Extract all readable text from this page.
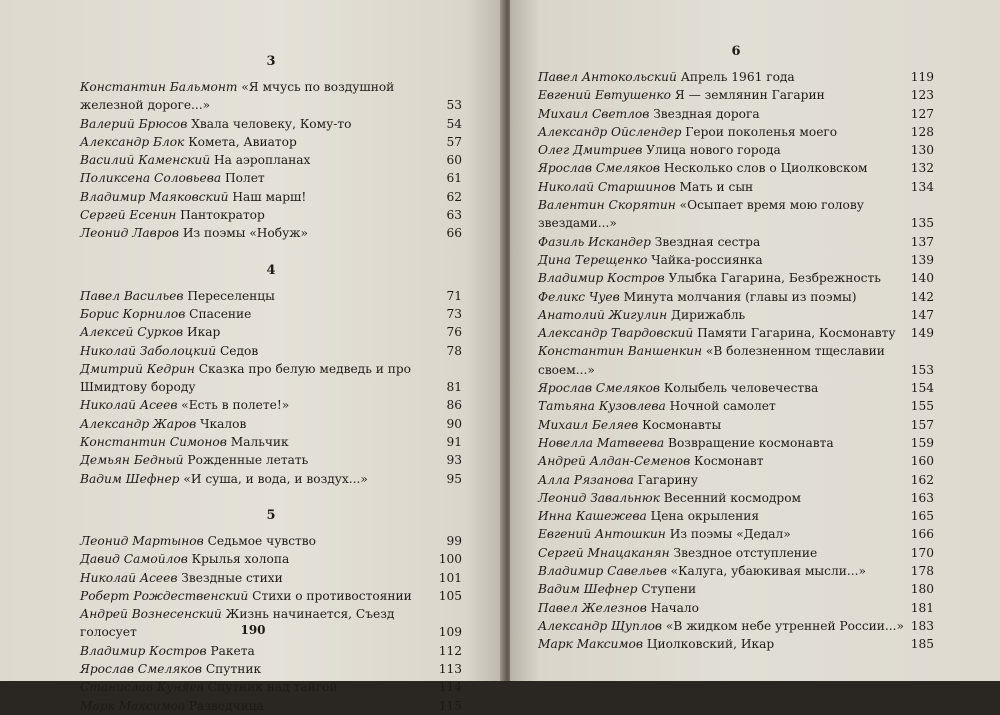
3
Константин Бальмонт «Я мчусь по воздушной железной дороге...»	53
Валерий Брюсов Хвала человеку, Кому-то	54
Александр Блок Комета, Авиатор	57
Василий Каменский На аэропланах	60
Поликсена Соловьева Полет	61
Владимир Маяковский Наш марш!	62
Сергей Есенин Пантократор	63
Леонид Лавров Из поэмы «Нобуж»	66
4
Павел Васильев Переселенцы	71
Борис Корнилов Спасение	73
Алексей Сурков Икар	76
Николай Заболоцкий Седов	78
Дмитрий Кедрин Сказка про белую медведь и про Шмидтову бороду	81
Николай Асеев «Есть в полете!»	86
Александр Жаров Чкалов	90
Константин Симонов Мальчик	91
Демьян Бедный Рожденные летать	93
Вадим Шефнер «И суша, и вода, и воздух...»	95
5
Леонид Мартынов Седьмое чувство	99
Давид Самойлов Крылья холопа	100
Николай Асеев Звездные стихи	101
Роберт Рождественский Стихи о противостоянии	105
Андрей Вознесенский Жизнь начинается, Съезд голосует	109
Владимир Костров Ракета	112
Ярослав Смеляков Спутник	113
Станислав Куняев Спутник над тайгой	114
Марк Максимов Разведчица	115
190
6
Павел Антокольский Апрель 1961 года	119
Евгений Евтушенко Я — землянин Гагарин	123
Михаил Светлов Звездная дорога	127
Александр Ойслендер Герои поколенья моего	128
Олег Дмитриев Улица нового города	130
Ярослав Смеляков Несколько слов о Циолковском	132
Николай Старшинов Мать и сын	134
Валентин Скорятин «Осыпает время мою голову звездами...»	135
Фазиль Искандер Звездная сестра	137
Дина Терещенко Чайка-россиянка	139
Владимир Костров Улыбка Гагарина, Безбрежность	140
Феликс Чуев Минута молчания (главы из поэмы)	142
Анатолий Жигулин Дирижабль	147
Александр Твардовский Памяти Гагарина, Космонавту	149
Константин Ваншенкин «В болезненном тщеславии своем...»	153
Ярослав Смеляков Колыбель человечества	154
Татьяна Кузовлева Ночной самолет	155
Михаил Беляев Космонавты	157
Новелла Матвеева Возвращение космонавта	159
Андрей Алдан-Семенов Космонавт	160
Алла Рязанова Гагарину	162
Леонид Завальнюк Весенний космодром	163
Инна Кашежева Цена окрыления	165
Евгений Антошкин Из поэмы «Дедал»	166
Сергей Мнацаканян Звездное отступление	170
Владимир Савельев «Калуга, убаюкивая мысли...»	178
Вадим Шефнер Ступени	180
Павел Железнов Начало	181
Александр Щуплов «В жидком небе утренней России...» 183
Марк Максимов Циолковский, Икар	185
